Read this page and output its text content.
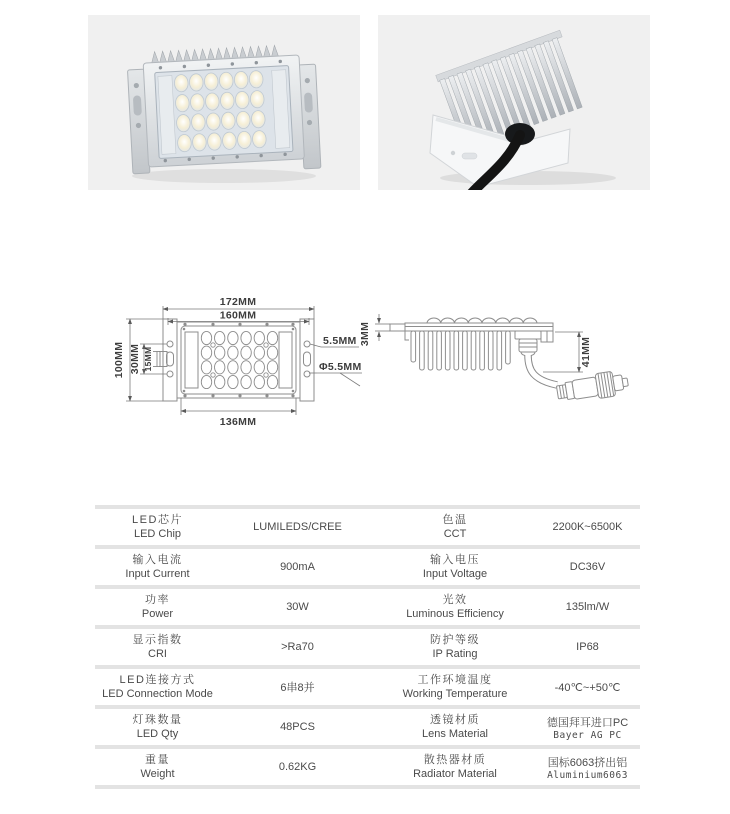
172MM
160MM
100MM 30MM 15MM
5.5MM
Φ5.5MM
136MM
3MM
41MM
LED芯片
LED Chip
LUMILEDS/CREE
色温
CCT
2200K~6500K
输入电流
Input Current
900mA
输入电压
Input Voltage
DC36V
功率
Power
30W
光效
Luminous Efficiency
135lm/W
显示指数
CRI
>Ra70
防护等级
IP Rating
IP68
LED连接方式
LED Connection Mode	6串8并
工作环境温度
Working Temperature
-40℃~+50℃
灯珠数量
LED Qty
48PCS
透镜材质
Lens Material
德国拜耳进口PC
Bayer AG PC
重量
Weight
0.62KG
散热器材质
Radiator Material
国标6063挤出铝
Aluminium6063
